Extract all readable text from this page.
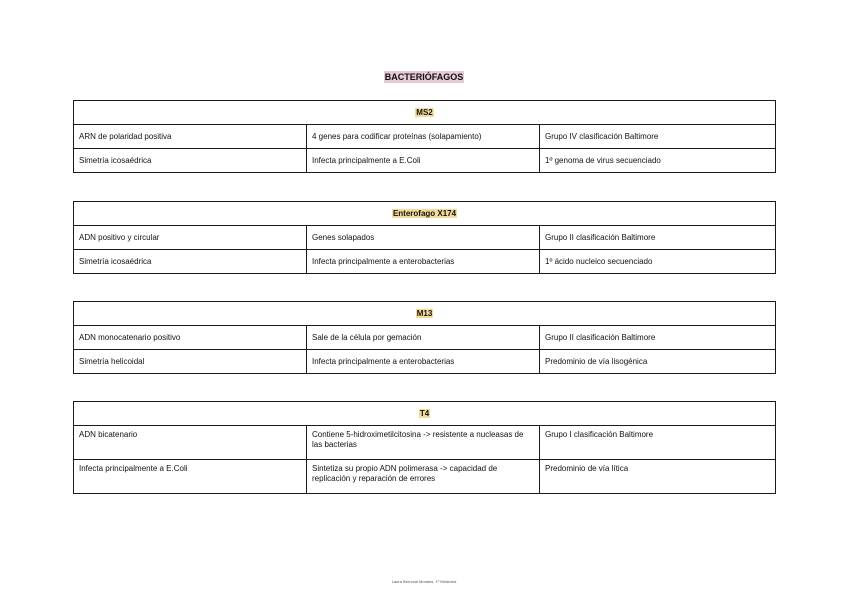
BACTERIÓFAGOS
MS2		
ARN de polaridad positiva	4 genes para codificar proteínas (solapamiento)	Grupo IV clasificación Baltimore
Simetría icosaédrica	Infecta principalmente a E.Coli	1º genoma de virus secuenciado
Enterofago X174		
ADN positivo y circular	Genes solapados	Grupo II clasificación Baltimore
Simetría icosaédrica	Infecta principalmente a enterobacterias	1º ácido nucleico secuenciado
M13		
ADN monocatenario positivo	Sale de la célula por gemación	Grupo II clasificación Baltimore
Simetría helicoidal	Infecta principalmente a enterobacterias	Predominio de vía lisogénica
T4		
ADN bicatenario	Contiene 5-hidroximetilcitosina -> resistente a nucleasas de las bacterias	Grupo I clasificación Baltimore
Infecta principalmente a E.Coli	Sintetiza su propio ADN polimerasa -> capacidad de replicación y reparación de errores	Predominio de vía lítica
Laura Berrocal Morales, 1º Medicina
